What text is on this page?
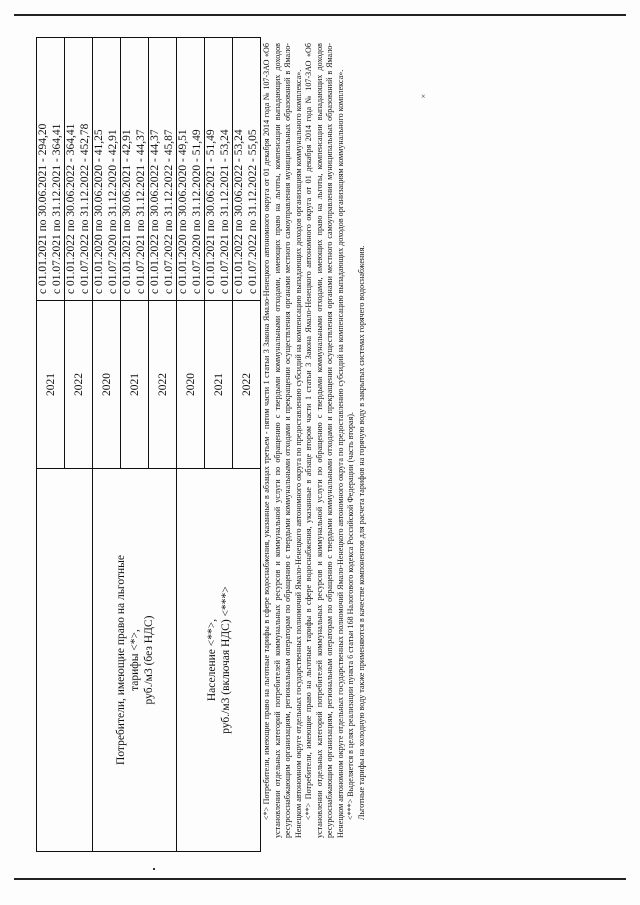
×
	2021	с 01.01.2021 по 30.06.2021 - 294,20 с 01.07.2021 по 31.12.2021 - 364,41

	2022	с 01.01.2022 по 30.06.2022 - 364,41 с 01.07.2022 по 31.12.2022 - 452,78

Потребители, имеющие право на льготные тарифы <*>, руб./м3 (без НДС)	2020	с 01.01.2020 по 30.06.2020 - 41,25 с 01.07.2020 по 31.12.2020 - 42,91

	2021	с 01.01.2021 по 30.06.2021 - 42,91 с 01.07.2021 по 31.12.2021 - 44,37

	2022	с 01.01.2022 по 30.06.2022 - 44,37 с 01.07.2022 по 31.12.2022 - 45,87

Население <**>, руб./м3 (включая НДС) <***>	2020	с 01.01.2020 по 30.06.2020 - 49,51 с 01.07.2020 по 31.12.2020 - 51,49

	2021	с 01.01.2021 по 30.06.2021 - 51,49 с 01.07.2021 по 31.12.2021 - 53,24

	2022	с 01.01.2022 по 30.06.2022 - 53,24 с 01.07.2022 по 31.12.2022 - 55,05 <*> Потребители, имеющие право на льготные тарифы в сфере водоснабжения, указанные в абзацах третьем - пятом части 1 статьи 3 Закона Ямало-Ненецкого автономного округа от 01 декабря 2014 года № 107-ЗАО «Об установлении отдельных категорий потребителей коммунальных ресурсов и коммунальной услуги по обращению с твердыми коммунальными отходами, имеющих право на льготы, компенсации выпадающих доходов ресурсоснабжающим организациям, региональным операторам по обращению с твердыми коммунальными отходами и прекращении осуществления органами местного самоуправления муниципальных образований в Ямало-Ненецком автономном округе отдельных государственных полномочий Ямало-Ненецкого автономного округа по предоставлению субсидий на компенсацию выпадающих доходов организациям коммунального комплекса». <**> Потребители, имеющие право на льготные тарифы в сфере водоснабжения, указанные в абзаце втором части 1 статьи 3 Закона Ямало-Ненецкого автономного округа от 01 декабря 2014 года № 107-ЗАО «Об установлении отдельных категорий потребителей коммунальных ресурсов и коммунальной услуги по обращению с твердыми коммунальными отходами, имеющих право на льготы, компенсации выпадающих доходов ресурсоснабжающим организациям, региональным операторам по обращению с твердыми коммунальными отходами и прекращении осуществления органами местного самоуправления муниципальных образований в Ямало-Ненецком автономном округе отдельных государственных полномочий Ямало-Ненецкого автономного округа по предоставлению субсидий на компенсацию выпадающих доходов организациям коммунального комплекса». <***> Выделяется в целях реализации пункта 6 статьи 168 Налогового кодекса Российской Федерации (часть вторая). Льготные тарифы на холодную воду также применяются в качестве компонентов для расчета тарифов на горячую воду в закрытых системах горячего водоснабжения.
